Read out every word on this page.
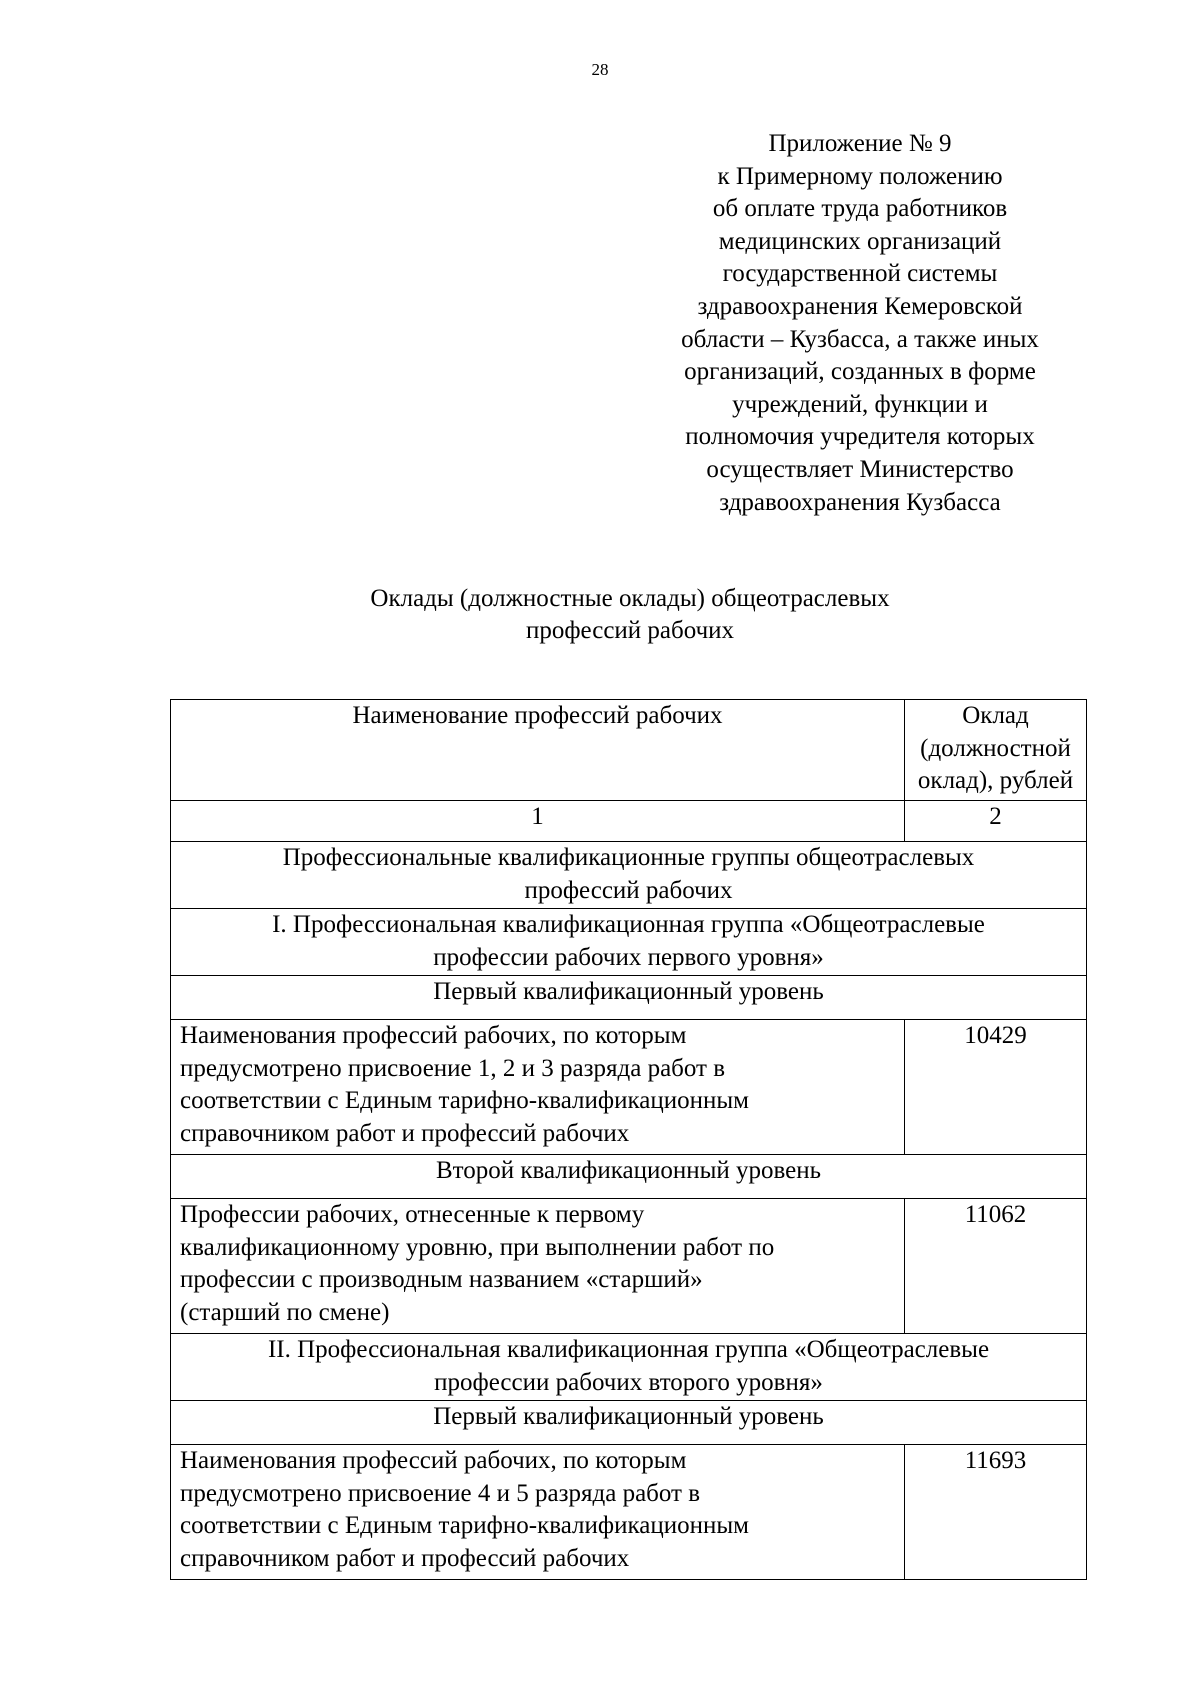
28
Приложение № 9
к Примерному положению
об оплате труда работников
медицинских организаций
государственной системы
здравоохранения Кемеровской
области – Кузбасса, а также иных
организаций, созданных в форме
учреждений, функции и
полномочия учредителя которых
осуществляет Министерство
здравоохранения Кузбасса
Оклады (должностные оклады) общеотраслевых
профессий рабочих
Наименование профессий рабочих	Оклад
(должностной
оклад), рублей

1	2

Профессиональные квалификационные группы общеотраслевых
профессий рабочих	

I. Профессиональная квалификационная группа «Общеотраслевые
профессии рабочих первого уровня»	

Первый квалификационный уровень	

Наименования профессий рабочих, по которым
предусмотрено присвоение 1, 2 и 3 разряда работ в
соответствии с Единым тарифно-квалификационным
справочником работ и профессий рабочих	10429
Второй квалификационный уровень	

Профессии рабочих, отнесенные к первому
квалификационному уровню, при выполнении работ по
профессии с производным названием «старший»
(старший по смене)	11062

II. Профессиональная квалификационная группа «Общеотраслевые
профессии рабочих второго уровня»	

Первый квалификационный уровень	

Наименования профессий рабочих, по которым
предусмотрено присвоение 4 и 5 разряда работ в
соответствии с Единым тарифно-квалификационным
справочником работ и профессий рабочих	11693
